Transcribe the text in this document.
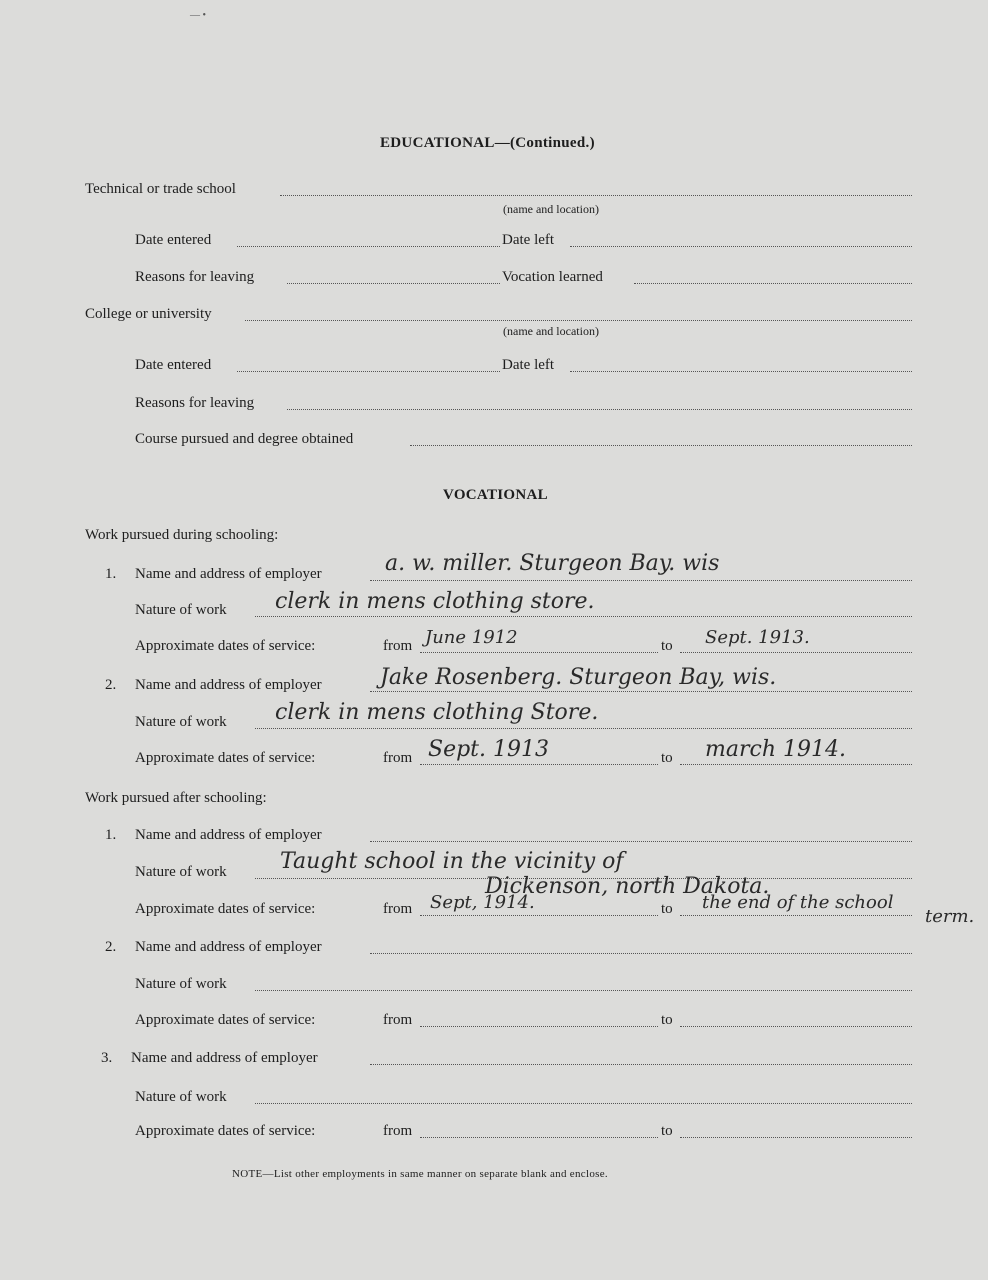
— •
EDUCATIONAL—(Continued.)
Technical or trade school
(name and location)
Date entered	Date left
Reasons for leaving	Vocation learned
College or university
(name and location)
Date entered	Date left
Reasons for leaving
Course pursued and degree obtained
VOCATIONAL
Work pursued during schooling:
1. Name and address of employer	a. w. miller. Sturgeon Bay. wis
Nature of work clerk in mens clothing store.
Approximate dates of service:	from June 1912	to Sept. 1913.
2. Name and address of employer	Jake Rosenberg. Sturgeon Bay, wis.
Nature of work clerk in mens clothing Store.
Approximate dates of service:	from Sept. 1913	to march 1914.
Work pursued after schooling:
1. Name and address of employer
Nature of work Taught school in the vicinity of
Dickenson, north Dakota.
Approximate dates of service:	from Sept, 1914.	to the end of the school
term.
2. Name and address of employer
Nature of work
Approximate dates of service:	from	to
3. Name and address of employer
Nature of work
Approximate dates of service:	from	to
NOTE—List other employments in same manner on separate blank and enclose.
